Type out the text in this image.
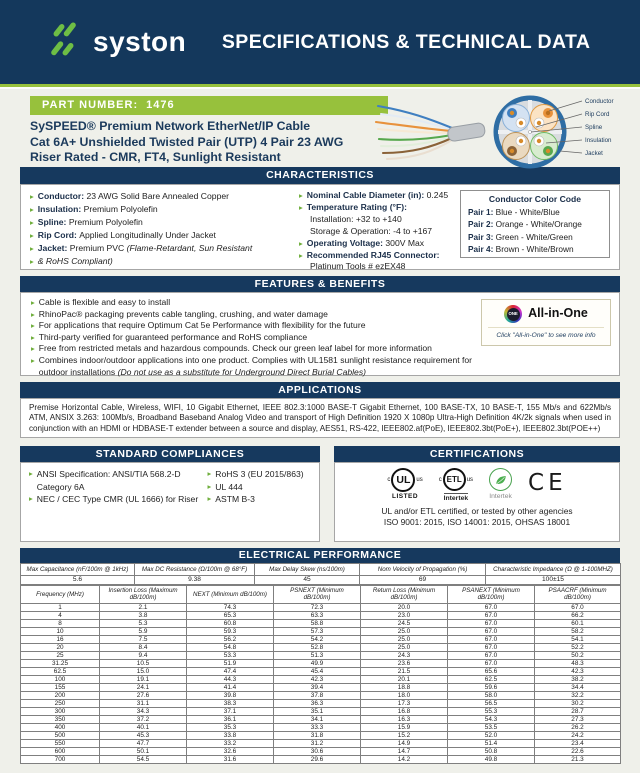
syston	SPECIFICATIONS & TECHNICAL DATA
PART NUMBER: 1476
SySPEED® Premium Network EtherNet/IP Cable
Cat 6A+ Unshielded Twisted Pair (UTP) 4 Pair 23 AWG
Riser Rated - CMR, FT4, Sunlight Resistant
Conductor
Rip Cord
Spline
Insulation
Jacket
CHARACTERISTICS
▸ Conductor: 23 AWG Solid Bare Annealed Copper
▸ Insulation: Premium Polyolefin
▸ Spline: Premium Polyolefin
▸ Rip Cord: Applied Longitudinally Under Jacket
▸ Jacket: Premium PVC (Flame-Retardant, Sun Resistant
▸ & RoHS Compliant)
▸ Nominal Cable Diameter (in): 0.245
▸ Temperature Rating (°F):
Installation: +32 to +140
Storage & Operation: -4 to +167
▸ Operating Voltage: 300V Max
▸ Recommended RJ45 Connector:
Platinum Tools # ezEX48
Conductor Color Code
Pair 1: Blue - White/Blue
Pair 2: Orange - White/Orange
Pair 3: Green - White/Green
Pair 4: Brown - White/Brown
FEATURES & BENEFITS
▸ Cable is flexible and easy to install
▸ RhinoPac® packaging prevents cable tangling, crushing, and water damage
▸ For applications that require Optimum Cat 5e Performance with flexibility for the future
▸ Third-party verified for guaranteed performance and RoHS compliance
▸ Free from restricted metals and hazardous compounds. Check our green leaf label for more information
▸ Combines indoor/outdoor applications into one product. Complies with UL1581 sunlight resistance requirement for outdoor installations (Do not use as a substitute for Underground Direct Burial Cables)
ONE All-in-One
Click "All-in-One" to see more info
APPLICATIONS
Premise Horizontal Cable, Wireless, WIFI, 10 Gigabit Ethernet, IEEE 802.3:1000 BASE-T Gigabit Ethernet, 100 BASE-TX, 10 BASE-T, 155 Mb/s and 622Mb/s ATM, ANSIX 3.263: 100Mb/s, Broadband Baseband Analog Video and transport of High Definition 1920 X 1080p Ultra-High Definition 4K/2k signals when used in conjunction with an HDMI or HDBASE-T extender between a source and display, AES51, RS-422, IEEE802.af(PoE), IEEE802.3bt(PoE+), IEEE802.3bt(POE++)
STANDARD COMPLIANCES
▸ ANSI Specification: ANSI/TIA 568.2-D Category 6A
▸ NEC / CEC Type CMR (UL 1666) for Riser
▸ RoHS 3 (EU 2015/863)
▸ UL 444
▸ ASTM B-3
CERTIFICATIONS
c UL	us
LISTED
c ETL us
Intertek	Intertek
CE
UL and/or ETL certified, or tested by other agencies
ISO 9001: 2015, ISO 14001: 2015, OHSAS 18001
ELECTRICAL PERFORMANCE
Max Capacitance (nF/100m @ 1kHz)	Max DC Resistance (Ω/100m @ 68°F)	Max Delay Skew (ns/100m)	Nom Velocity of Propagation (%)	Characteristic Impedance (Ω @ 1-100MHZ)
5.6	9.38	45	69	100±15
Frequency (MHz)	Insertion Loss (Maximum dB/100m)	NEXT (Minimum dB/100m)	PSNEXT (Minimum dB/100m)	Return Loss (Minimum dB/100m)	PSANEXT (Minimum dB/100m)	PSAACRF (Minimum dB/100m)
1	2.1	74.3	72.3	20.0	67.0	67.0
4	3.8	65.3	63.3	23.0	67.0	66.2
8	5.3	60.8	58.8	24.5	67.0	60.1
10	5.9	59.3	57.3	25.0	67.0	58.2
16	7.5	56.2	54.2	25.0	67.0	54.1
20	8.4	54.8	52.8	25.0	67.0	52.2
25	9.4	53.3	51.3	24.3	67.0	50.2
31.25	10.5	51.9	49.9	23.6	67.0	48.3
62.5	15.0	47.4	45.4	21.5	65.6	42.3
100	19.1	44.3	42.3	20.1	62.5	38.2
155	24.1	41.4	39.4	18.8	59.6	34.4
200	27.6	39.8	37.8	18.0	58.0	32.2
250	31.1	38.3	36.3	17.3	56.5	30.2
300	34.3	37.1	35.1	16.8	55.3	28.7
350	37.2	36.1	34.1	16.3	54.3	27.3
400	40.1	35.3	33.3	15.9	53.5	26.2
500	45.3	33.8	31.8	15.2	52.0	24.2
550	47.7	33.2	31.2	14.9	51.4	23.4
600	50.1	32.6	30.6	14.7	50.8	22.6
700	54.5	31.6	29.6	14.2	49.8	21.3
